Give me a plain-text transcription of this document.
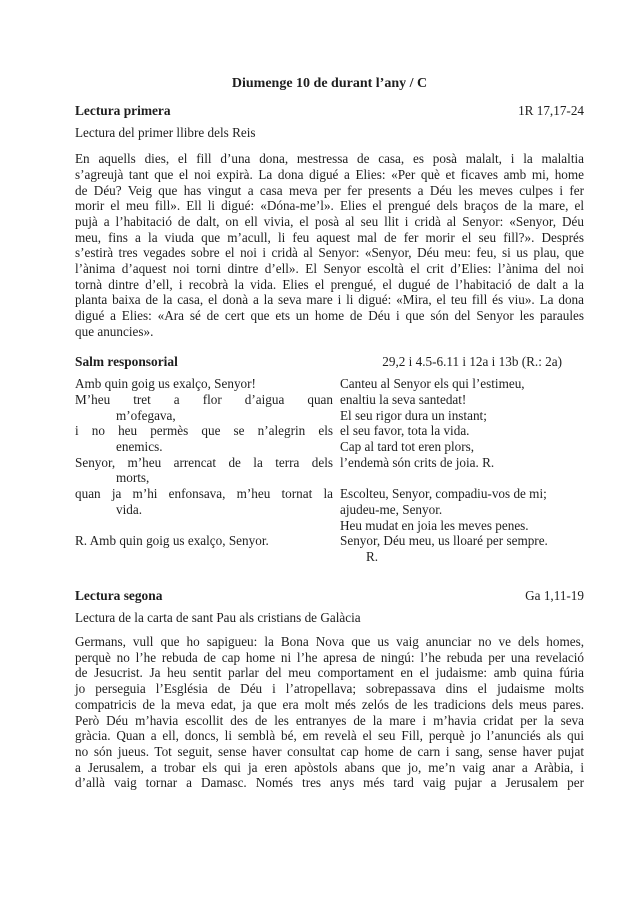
Diumenge 10 de durant l’any / C
Lectura primera	1R 17,17-24
Lectura del primer llibre dels Reis
En aquells dies, el fill d’una dona, mestressa de casa, es posà malalt, i la malaltia
s’agreujà tant que el noi expirà. La dona digué a Elies: «Per què et ficaves amb mi, home
de Déu? Veig que has vingut a casa meva per fer presents a Déu les meves culpes i fer
morir el meu fill». Ell li digué: «Dóna-me’l». Elies el prengué dels braços de la mare, el
pujà a l’habitació de dalt, on ell vivia, el posà al seu llit i cridà al Senyor: «Senyor, Déu
meu, fins a la viuda que m’acull, li feu aquest mal de fer morir el seu fill?». Després
s’estirà tres vegades sobre el noi i cridà al Senyor: «Senyor, Déu meu: feu, si us plau, que
l’ànima d’aquest noi torni dintre d’ell». El Senyor escoltà el crit d’Elies: l’ànima del noi
tornà dintre d’ell, i recobrà la vida. Elies el prengué, el dugué de l’habitació de dalt a la
planta baixa de la casa, el donà a la seva mare i li digué: «Mira, el teu fill és viu». La dona
digué a Elies: «Ara sé de cert que ets un home de Déu i que són del Senyor les paraules
que anuncies».
Salm responsorial	29,2 i 4.5-6.11 i 12a i 13b (R.: 2a)
Amb quin goig us exalço, Senyor!
M’heu tret a flor d’aigua quan
m’ofegava,
i no heu permès que se n’alegrin els
enemics.
Senyor, m’heu arrencat de la terra dels
morts,
quan ja m’hi enfonsava, m’heu tornat la
vida.
R. Amb quin goig us exalço, Senyor.
Canteu al Senyor els qui l’estimeu,
enaltiu la seva santedat!
El seu rigor dura un instant;
el seu favor, tota la vida.
Cap al tard tot eren plors,
l’endemà són crits de joia. R.
Escolteu, Senyor, compadiu-vos de mi;
ajudeu-me, Senyor.
Heu mudat en joia les meves penes.
Senyor, Déu meu, us lloaré per sempre.
R.
Lectura segona	Ga 1,11-19
Lectura de la carta de sant Pau als cristians de Galàcia
Germans, vull que ho sapigueu: la Bona Nova que us vaig anunciar no ve dels homes,
perquè no l’he rebuda de cap home ni l’he apresa de ningú: l’he rebuda per una revelació
de Jesucrist. Ja heu sentit parlar del meu comportament en el judaisme: amb quina fúria
jo perseguia l’Església de Déu i l’atropellava; sobrepassava dins el judaisme molts
compatricis de la meva edat, ja que era molt més zelós de les tradicions dels meus pares.
Però Déu m’havia escollit des de les entranyes de la mare i m’havia cridat per la seva
gràcia. Quan a ell, doncs, li semblà bé, em revelà el seu Fill, perquè jo l’anunciés als qui
no són jueus. Tot seguit, sense haver consultat cap home de carn i sang, sense haver pujat
a Jerusalem, a trobar els qui ja eren apòstols abans que jo, me’n vaig anar a Aràbia, i
d’allà vaig tornar a Damasc. Només tres anys més tard vaig pujar a Jerusalem per
